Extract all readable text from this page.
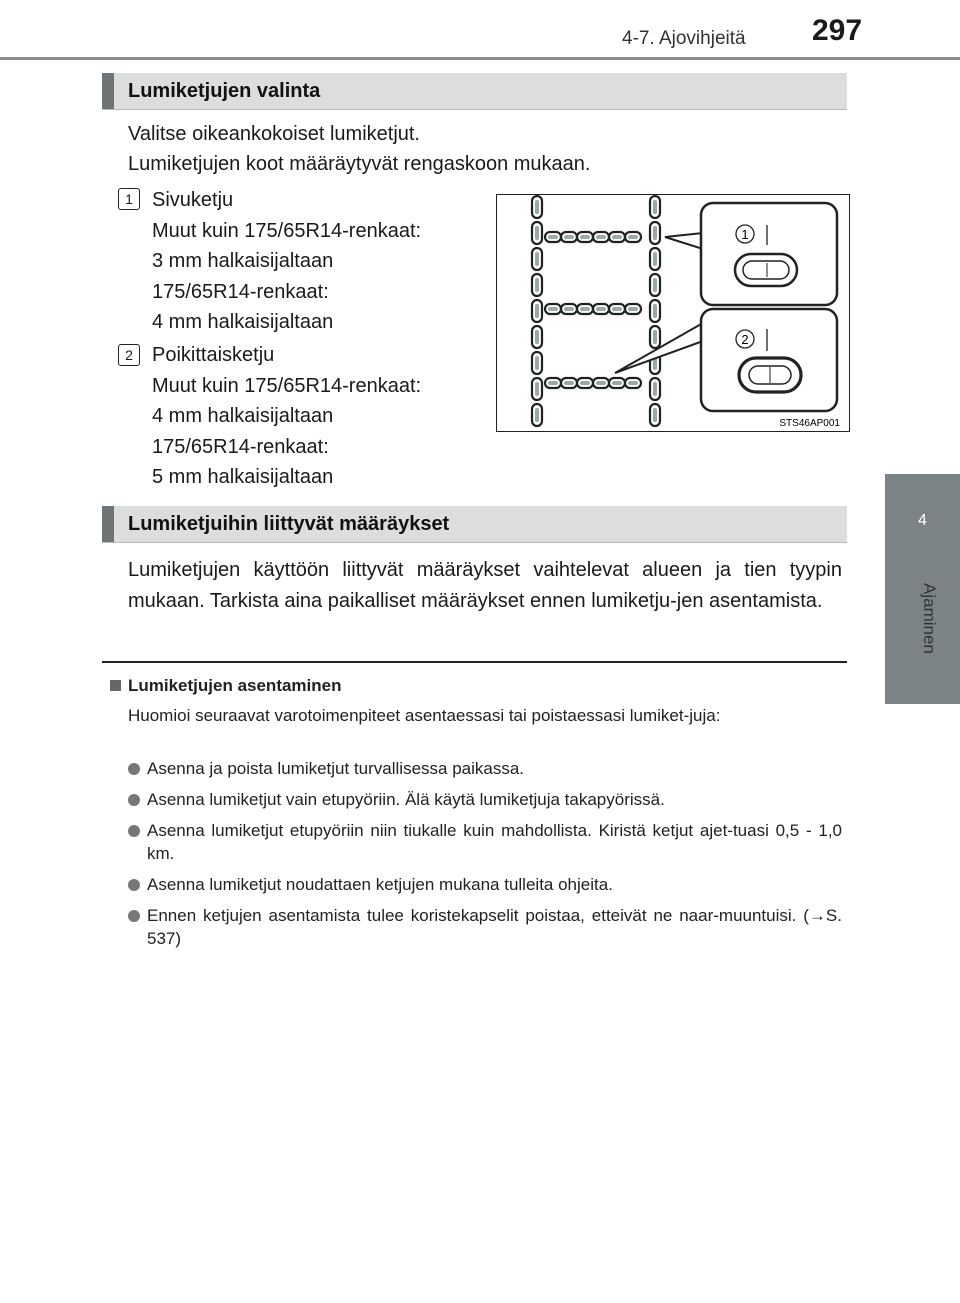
4-7. Ajovihjeitä 297
4
Ajaminen
Lumiketjujen valinta
Valitse oikeankokoiset lumiketjut.
Lumiketjujen koot määräytyvät rengaskoon mukaan.
1 Sivuketju
Muut kuin 175/65R14-renkaat:
3 mm halkaisijaltaan
175/65R14-renkaat:
4 mm halkaisijaltaan
2 Poikittaisketju
Muut kuin 175/65R14-renkaat:
4 mm halkaisijaltaan
175/65R14-renkaat:
5 mm halkaisijaltaan
1
2
STS46AP001
Lumiketjuihin liittyvät määräykset
Lumiketjujen käyttöön liittyvät määräykset vaihtelevat alueen ja tien tyypin mukaan. Tarkista aina paikalliset määräykset ennen lumiketju-jen asentamista.
Lumiketjujen asentaminen
Huomioi seuraavat varotoimenpiteet asentaessasi tai poistaessasi lumiket-juja:
Asenna ja poista lumiketjut turvallisessa paikassa.
Asenna lumiketjut vain etupyöriin. Älä käytä lumiketjuja takapyörissä.
Asenna lumiketjut etupyöriin niin tiukalle kuin mahdollista. Kiristä ketjut ajet-tuasi 0,5 - 1,0 km.
Asenna lumiketjut noudattaen ketjujen mukana tulleita ohjeita.
Ennen ketjujen asentamista tulee koristekapselit poistaa, etteivät ne naar-muuntuisi. (→S. 537)
